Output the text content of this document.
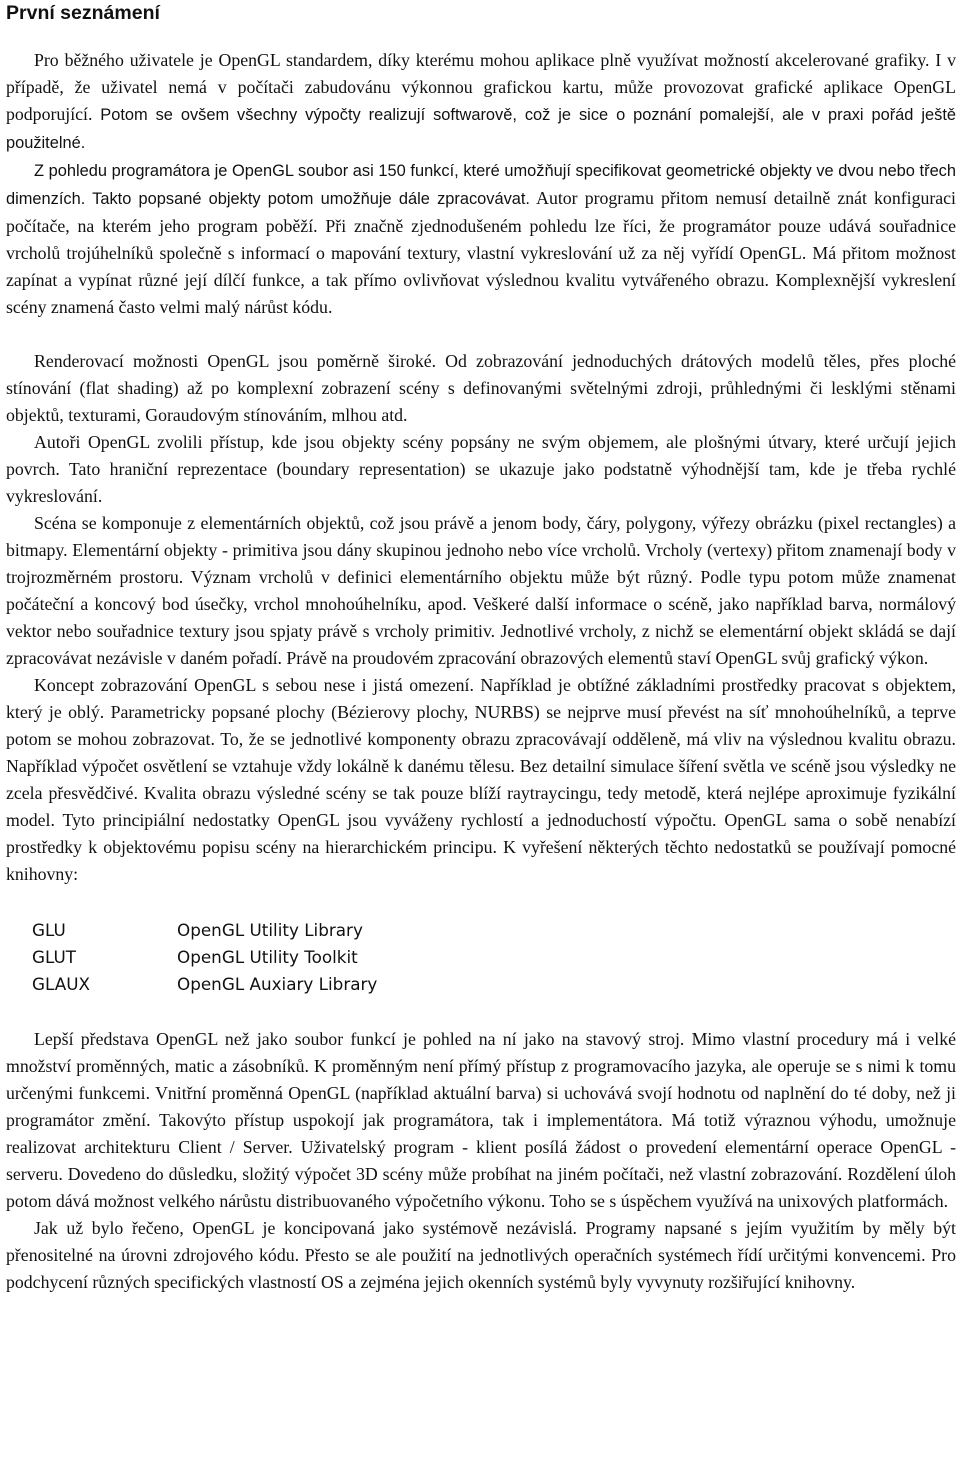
První seznámení

Pro běžného uživatele je OpenGL standardem, díky kterému mohou aplikace plně využívat možností akcelerované grafiky. I v případě, že uživatel nemá v počítači zabudovánu výkonnou grafickou kartu, může provozovat grafické aplikace OpenGL podporující. Potom se ovšem všechny výpočty realizují softwarově, což je sice o poznání pomalejší, ale v praxi pořád ještě použitelné.

Z pohledu programátora je OpenGL soubor asi 150 funkcí, které umožňují specifikovat geometrické objekty ve dvou nebo třech dimenzích. Takto popsané objekty potom umožňuje dále zpracovávat. Autor programu přitom nemusí detailně znát konfiguraci počítače, na kterém jeho program poběží. Při značně zjednodušeném pohledu lze říci, že programátor pouze udává souřadnice vrcholů trojúhelníků společně s informací o mapování textury, vlastní vykreslování už za něj vyřídí OpenGL. Má přitom možnost zapínat a vypínat různé její dílčí funkce, a tak přímo ovlivňovat výslednou kvalitu vytvářeného obrazu. Komplexnější vykreslení scény znamená často velmi malý nárůst kódu.

Renderovací možnosti OpenGL jsou poměrně široké. Od zobrazování jednoduchých drátových modelů těles, přes ploché stínování (flat shading) až po komplexní zobrazení scény s definovanými světelnými zdroji, průhlednými či lesklými stěnami objektů, texturami, Goraudovým stínováním, mlhou atd.

Autoři OpenGL zvolili přístup, kde jsou objekty scény popsány ne svým objemem, ale plošnými útvary, které určují jejich povrch. Tato hraniční reprezentace (boundary representation) se ukazuje jako podstatně výhodnější tam, kde je třeba rychlé vykreslování.

Scéna se komponuje z elementárních objektů, což jsou právě a jenom body, čáry, polygony, výřezy obrázku (pixel rectangles) a bitmapy. Elementární objekty - primitiva jsou dány skupinou jednoho nebo více vrcholů. Vrcholy (vertexy) přitom znamenají body v trojrozměrném prostoru. Význam vrcholů v definici elementárního objektu může být různý. Podle typu potom může znamenat počáteční a koncový bod úsečky, vrchol mnohoúhelníku, apod. Veškeré další informace o scéně, jako například barva, normálový vektor nebo souřadnice textury jsou spjaty právě s vrcholy primitiv. Jednotlivé vrcholy, z nichž se elementární objekt skládá se dají zpracovávat nezávisle v daném pořadí. Právě na proudovém zpracování obrazových elementů staví OpenGL svůj grafický výkon.

Koncept zobrazování OpenGL s sebou nese i jistá omezení. Například je obtížné základními prostředky pracovat s objektem, který je oblý. Parametricky popsané plochy (Bézierovy plochy, NURBS) se nejprve musí převést na síť mnohoúhelníků, a teprve potom se mohou zobrazovat. To, že se jednotlivé komponenty obrazu zpracovávají odděleně, má vliv na výslednou kvalitu obrazu. Například výpočet osvětlení se vztahuje vždy lokálně k danému tělesu. Bez detailní simulace šíření světla ve scéně jsou výsledky ne zcela přesvědčivé. Kvalita obrazu výsledné scény se tak pouze blíží raytraycingu, tedy metodě, která nejlépe aproximuje fyzikální model. Tyto principiální nedostatky OpenGL jsou vyváženy rychlostí a jednoduchostí výpočtu. OpenGL sama o sobě nenabízí prostředky k objektovému popisu scény na hierarchickém principu. K vyřešení některých těchto nedostatků se používají pomocné knihovny:

GLU	OpenGL Utility Library
GLUT	OpenGL Utility Toolkit
GLAUX	OpenGL Auxiary Library

Lepší představa OpenGL než jako soubor funkcí je pohled na ní jako na stavový stroj. Mimo vlastní procedury má i velké množství proměnných, matic a zásobníků. K proměnným není přímý přístup z programovacího jazyka, ale operuje se s nimi k tomu určenými funkcemi. Vnitřní proměnná OpenGL (například aktuální barva) si uchovává svojí hodnotu od naplnění do té doby, než ji programátor změní. Takovýto přístup uspokojí jak programátora, tak i implementátora. Má totiž výraznou výhodu, umožnuje realizovat architekturu Client / Server. Uživatelský program - klient posílá žádost o provedení elementární operace OpenGL - serveru. Dovedeno do důsledku, složitý výpočet 3D scény může probíhat na jiném počítači, než vlastní zobrazování. Rozdělení úloh potom dává možnost velkého nárůstu distribuovaného výpočetního výkonu. Toho se s úspěchem využívá na unixových platformách.

Jak už bylo řečeno, OpenGL je koncipovaná jako systémově nezávislá. Programy napsané s jejím využitím by měly být přenositelné na úrovni zdrojového kódu. Přesto se ale použití na jednotlivých operačních systémech řídí určitými konvencemi. Pro podchycení různých specifických vlastností OS a zejména jejich okenních systémů byly vyvynuty rozšiřující knihovny.
